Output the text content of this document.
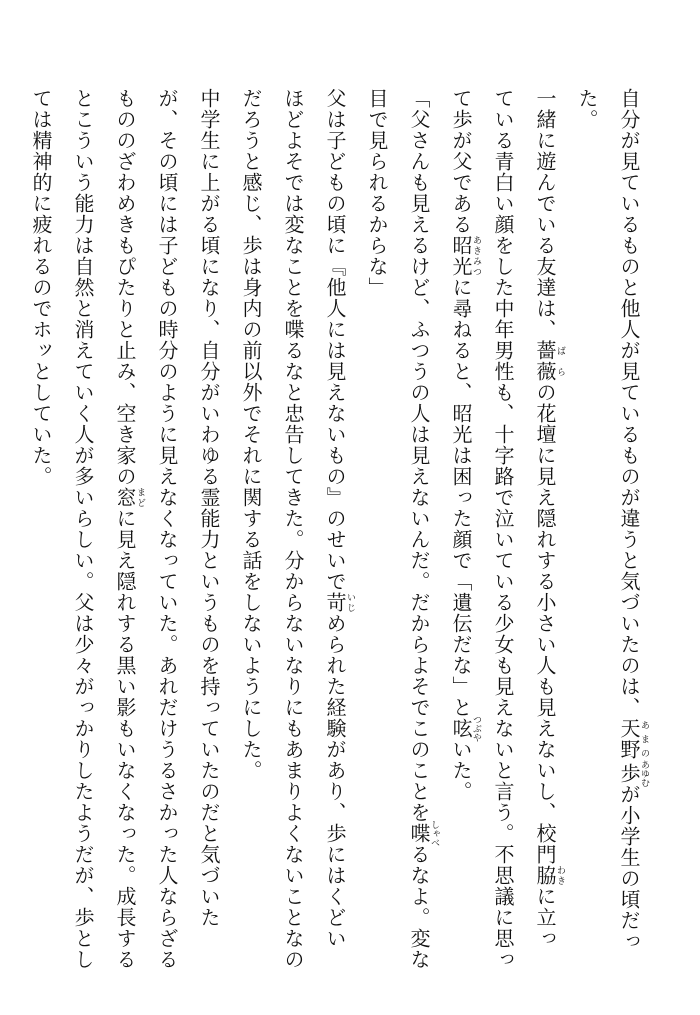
自分が見ているものと他人が見ているものが違うと気づいたのは、天野あまの歩あゆむが小学生の頃だっ
た。
一緒に遊んでいる友達は、薔薇ばらの花壇に見え隠れする小さい人も見えないし、校門脇わきに立っ
ている青白い顔をした中年男性も、十字路で泣いている少女も見えないと言う。不思議に思っ
て歩が父である昭光あきみつに尋ねると、昭光は困った顔で「遺伝だな」と呟つぶやいた。
「父さんも見えるけど、ふつうの人は見えないんだ。だからよそでこのことを喋しゃべるなよ。変な
目で見られるからな」
父は子どもの頃に『他人には見えないもの』のせいで苛いじめられた経験があり、歩にはくどい
ほどよそでは変なことを喋るなと忠告してきた。分からないなりにもあまりよくないことなの
だろうと感じ、歩は身内の前以外でそれに関する話をしないようにした。
中学生に上がる頃になり、自分がいわゆる霊能力というものを持っていたのだと気づいた
が、その頃には子どもの時分のように見えなくなっていた。あれだけうるさかった人ならざる
もののざわめきもぴたりと止み、空き家の窓まどに見え隠れする黒い影もいなくなった。成長する
とこういう能力は自然と消えていく人が多いらしい。父は少々がっかりしたようだが、歩とし
ては精神的に疲れるのでホッとしていた。
